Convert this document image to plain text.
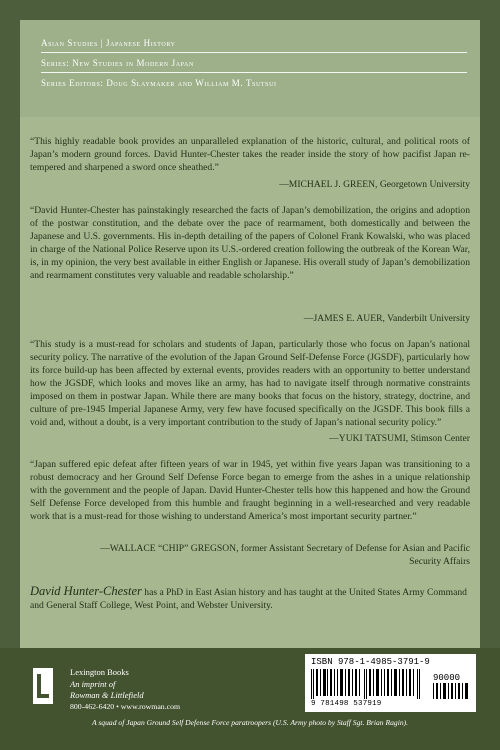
Asian Studies | Japanese History
Series: New Studies in Modern Japan
Series Editors: Doug Slaymaker and William M. Tsutsui
“This highly readable book provides an unparalleled explanation of the historic, cultural, and political roots of Japan’s modern ground forces. David Hunter-Chester takes the reader inside the story of how pacifist Japan re-tempered and sharpened a sword once sheathed.”
—MICHAEL J. GREEN, Georgetown University
“David Hunter-Chester has painstakingly researched the facts of Japan’s demobilization, the origins and adoption of the postwar constitution, and the debate over the pace of rearmament, both domestically and between the Japanese and U.S. governments. His in-depth detailing of the papers of Colonel Frank Kowalski, who was placed in charge of the National Police Reserve upon its U.S.-ordered creation following the outbreak of the Korean War, is, in my opinion, the very best available in either English or Japanese. His overall study of Japan’s demobilization and rearmament constitutes very valuable and readable scholarship.”
—JAMES E. AUER, Vanderbilt University
“This study is a must-read for scholars and students of Japan, particularly those who focus on Japan’s national security policy. The narrative of the evolution of the Japan Ground Self-Defense Force (JGSDF), particularly how its force build-up has been affected by external events, provides readers with an opportunity to better understand how the JGSDF, which looks and moves like an army, has had to navigate itself through normative constraints imposed on them in postwar Japan. While there are many books that focus on the history, strategy, doctrine, and culture of pre-1945 Imperial Japanese Army, very few have focused specifically on the JGSDF. This book fills a void and, without a doubt, is a very important contribution to the study of Japan’s national security policy.”
—YUKI TATSUMI, Stimson Center
“Japan suffered epic defeat after fifteen years of war in 1945, yet within five years Japan was transitioning to a robust democracy and her Ground Self Defense Force began to emerge from the ashes in a unique relationship with the government and the people of Japan. David Hunter-Chester tells how this happened and how the Ground Self Defense Force developed from this humble and fraught beginning in a well-researched and very readable work that is a must-read for those wishing to understand America’s most important security partner.”
—WALLACE “CHIP” GREGSON, former Assistant Secretary of Defense for Asian and Pacific Security Affairs
David Hunter-Chester has a PhD in East Asian history and has taught at the United States Army Command and General Staff College, West Point, and Webster University.
Lexington Books
An imprint of
Rowman & Littlefield
800-462-6420 • www.rowman.com
ISBN 978-1-4985-3791-9
90000
9 781498 537919
A squad of Japan Ground Self Defense Force paratroopers (U.S. Army photo by Staff Sgt. Brian Ragin).
